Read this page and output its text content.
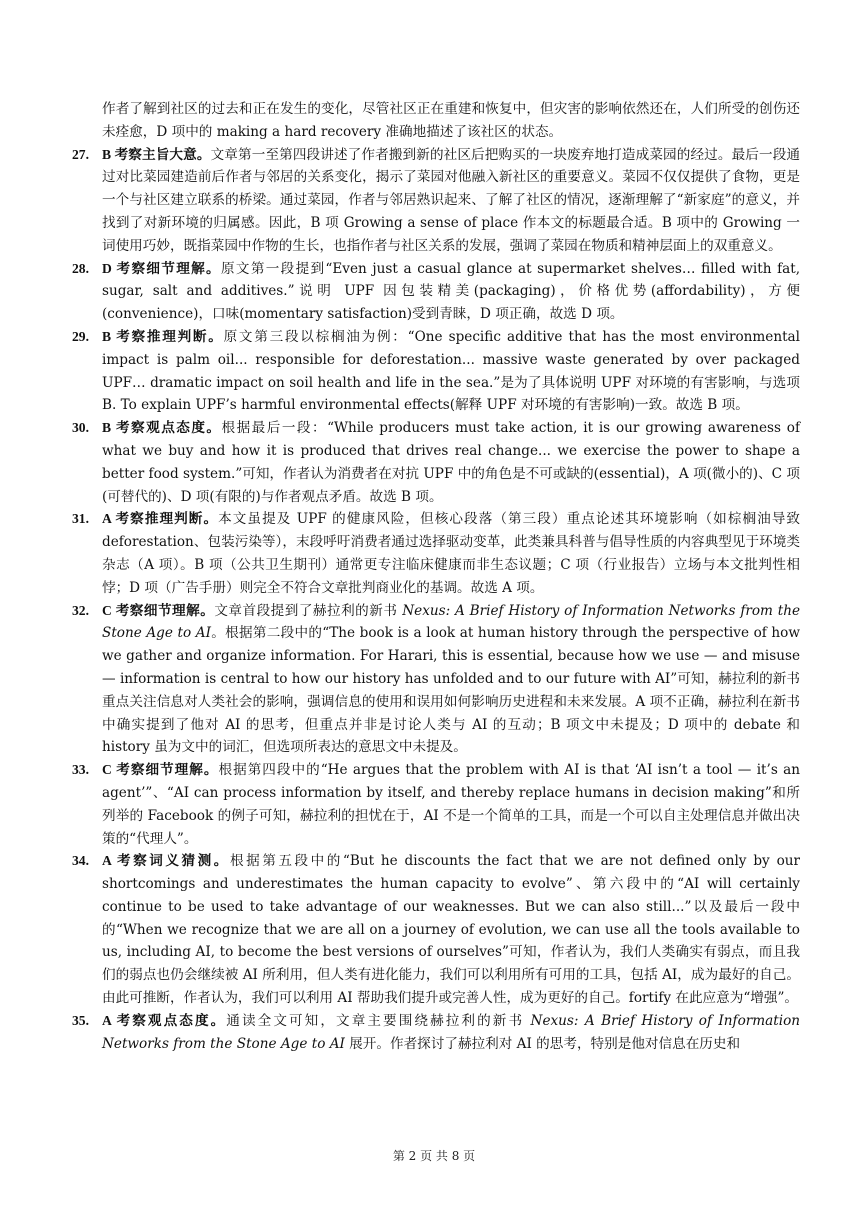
作者了解到社区的过去和正在发生的变化，尽管社区正在重建和恢复中，但灾害的影响依然还在，人们所受的创伤还未痊愈，D 项中的 making a hard recovery 准确地描述了该社区的状态。

27. B 考察主旨大意。文章第一至第四段讲述了作者搬到新的社区后把购买的一块废弃地打造成菜园的经过。最后一段通过对比菜园建造前后作者与邻居的关系变化，揭示了菜园对他融入新社区的重要意义。菜园不仅仅提供了食物，更是一个与社区建立联系的桥梁。通过菜园，作者与邻居熟识起来、了解了社区的情况，逐渐理解了“新家庭”的意义，并找到了对新环境的归属感。因此，B 项 Growing a sense of place 作本文的标题最合适。B 项中的 Growing 一词使用巧妙，既指菜园中作物的生长，也指作者与社区关系的发展，强调了菜园在物质和精神层面上的双重意义。
28. D 考察细节理解。原文第一段提到“Even just a casual glance at supermarket shelves… filled with fat, sugar, salt and additives.”说明 UPF 因包装精美(packaging)，价格优势(affordability)，方便(convenience)，口味(momentary satisfaction)受到青睐，D 项正确，故选 D 项。
29. B 考察推理判断。原文第三段以棕榈油为例：“One specific additive that has the most environmental impact is palm oil... responsible for deforestation... massive waste generated by over packaged UPF… dramatic impact on soil health and life in the sea.”是为了具体说明 UPF 对环境的有害影响，与选项 B. To explain UPF’s harmful environmental effects(解释 UPF 对环境的有害影响)一致。故选 B 项。
30. B 考察观点态度。根据最后一段：“While producers must take action, it is our growing awareness of what we buy and how it is produced that drives real change... we exercise the power to shape a better food system.”可知，作者认为消费者在对抗 UPF 中的角色是不可或缺的(essential)，A 项(微小的)、C 项(可替代的)、D 项(有限的)与作者观点矛盾。故选 B 项。
31. A 考察推理判断。本文虽提及 UPF 的健康风险，但核心段落（第三段）重点论述其环境影响（如棕榈油导致 deforestation、包装污染等），末段呼吁消费者通过选择驱动变革，此类兼具科普与倡导性质的内容典型见于环境类杂志（A 项）。B 项（公共卫生期刊）通常更专注临床健康而非生态议题；C 项（行业报告）立场与本文批判性相悖；D 项（广告手册）则完全不符合文章批判商业化的基调。故选 A 项。
32. C 考察细节理解。文章首段提到了赫拉利的新书 Nexus: A Brief History of Information Networks from the Stone Age to AI。根据第二段中的“The book is a look at human history through the perspective of how we gather and organize information. For Harari, this is essential, because how we use — and misuse — information is central to how our history has unfolded and to our future with AI”可知，赫拉利的新书重点关注信息对人类社会的影响，强调信息的使用和误用如何影响历史进程和未来发展。A 项不正确，赫拉利在新书中确实提到了他对 AI 的思考，但重点并非是讨论人类与 AI 的互动；B 项文中未提及；D 项中的 debate 和 history 虽为文中的词汇，但选项所表达的意思文中未提及。
33. C 考察细节理解。根据第四段中的“He argues that the problem with AI is that ‘AI isn’t a tool — it’s an agent’”、“AI can process information by itself, and thereby replace humans in decision making”和所列举的 Facebook 的例子可知，赫拉利的担忧在于，AI 不是一个简单的工具，而是一个可以自主处理信息并做出决策的“代理人”。
34. A 考察词义猜测。根据第五段中的“But he discounts the fact that we are not defined only by our shortcomings and underestimates the human capacity to evolve”、第六段中的“AI will certainly continue to be used to take advantage of our weaknesses. But we can also still...”以及最后一段中的“When we recognize that we are all on a journey of evolution, we can use all the tools available to us, including AI, to become the best versions of ourselves”可知，作者认为，我们人类确实有弱点，而且我们的弱点也仍会继续被 AI 所利用，但人类有进化能力，我们可以利用所有可用的工具，包括 AI，成为最好的自己。由此可推断，作者认为，我们可以利用 AI 帮助我们提升或完善人性，成为更好的自己。fortify 在此应意为“增强”。
35. A 考察观点态度。通读全文可知，文章主要围绕赫拉利的新书 Nexus: A Brief History of Information Networks from the Stone Age to AI 展开。作者探讨了赫拉利对 AI 的思考，特别是他对信息在历史和
第 2 页 共 8 页
